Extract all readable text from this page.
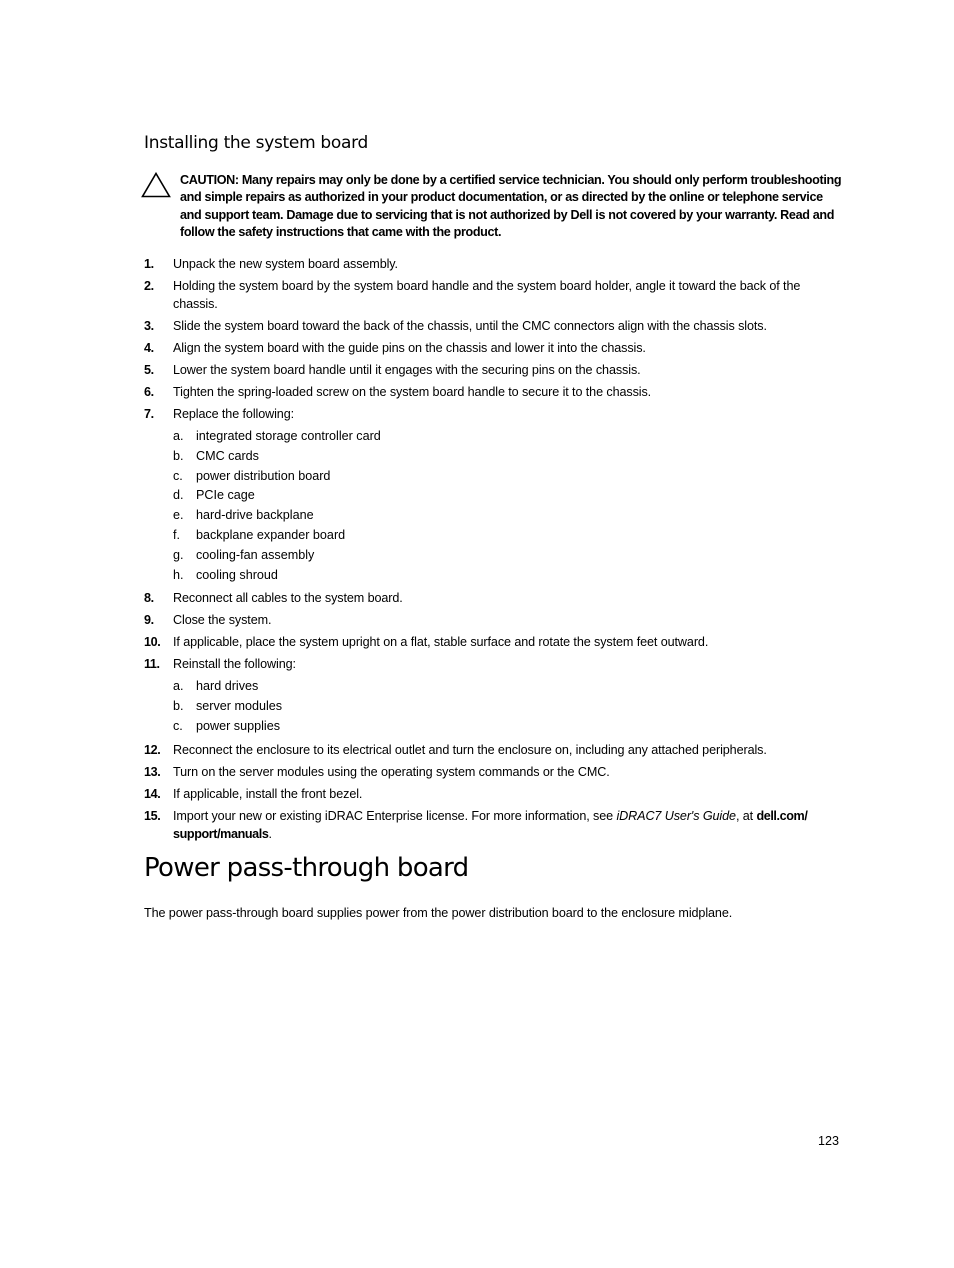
Installing the system board
CAUTION: Many repairs may only be done by a certified service technician. You should only perform troubleshooting and simple repairs as authorized in your product documentation, or as directed by the online or telephone service and support team. Damage due to servicing that is not authorized by Dell is not covered by your warranty. Read and follow the safety instructions that came with the product.
1. Unpack the new system board assembly.
2. Holding the system board by the system board handle and the system board holder, angle it toward the back of the chassis.
3. Slide the system board toward the back of the chassis, until the CMC connectors align with the chassis slots.
4. Align the system board with the guide pins on the chassis and lower it into the chassis.
5. Lower the system board handle until it engages with the securing pins on the chassis.
6. Tighten the spring-loaded screw on the system board handle to secure it to the chassis.
7. Replace the following:
a. integrated storage controller card
b. CMC cards
c. power distribution board
d. PCIe cage
e. hard-drive backplane
f. backplane expander board
g. cooling-fan assembly
h. cooling shroud
8. Reconnect all cables to the system board.
9. Close the system.
10. If applicable, place the system upright on a flat, stable surface and rotate the system feet outward.
11. Reinstall the following:
a. hard drives
b. server modules
c. power supplies
12. Reconnect the enclosure to its electrical outlet and turn the enclosure on, including any attached peripherals.
13. Turn on the server modules using the operating system commands or the CMC.
14. If applicable, install the front bezel.
15. Import your new or existing iDRAC Enterprise license. For more information, see iDRAC7 User's Guide, at dell.com/
support/manuals.
Power pass-through board

The power pass-through board supplies power from the power distribution board to the enclosure midplane.

123
